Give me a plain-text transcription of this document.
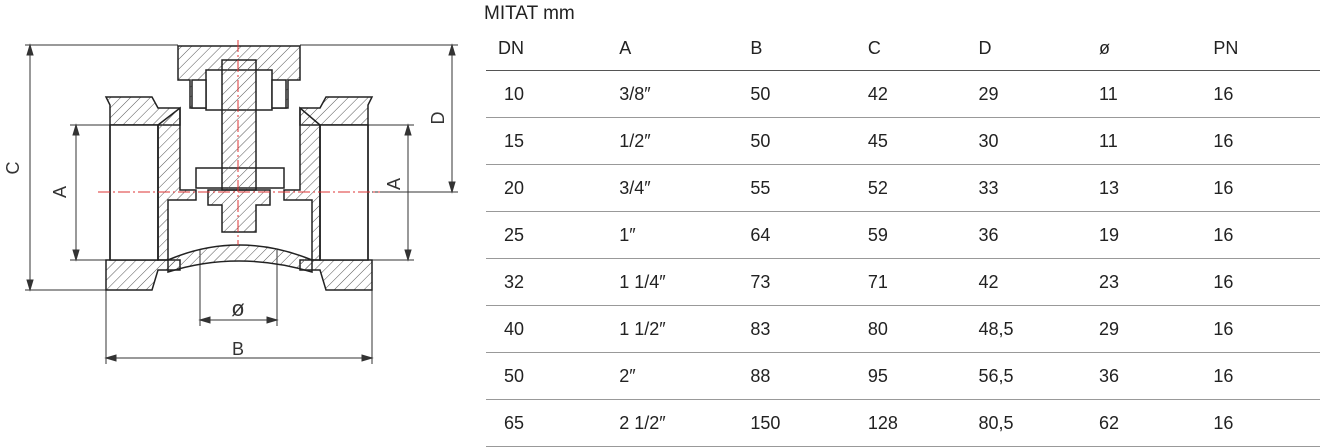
C
D
A
A
B
ø
MITAT mm
DN	A	B	C	D	ø	PN
10	3/8″	50	42	29	11	16
15	1/2″	50	45	30	11	16
20	3/4″	55	52	33	13	16
25	1″	64	59	36	19	16
32	1 1/4″	73	71	42	23	16
40	1 1/2″	83	80	48,5	29	16
50	2″	88	95	56,5	36	16
65	2 1/2″	150	128	80,5	62	16
